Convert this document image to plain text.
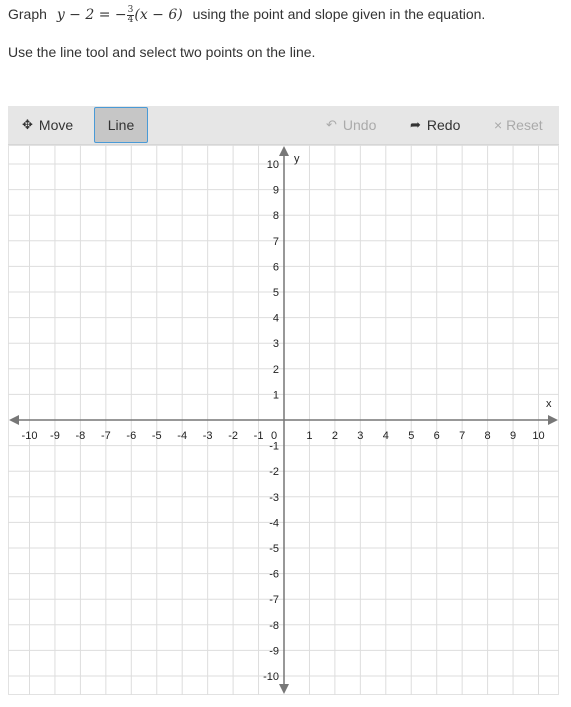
Graph y − 2 = − $\frac{3}{4} (x - 6)$ using the point and slope given in the equation.
Use the line tool and select two points on the line.
✥ Move Line	↶ Undo	➦ Redo × Reset
x
y
-10 -9 -8 -7 -6 -5 -4 -3 -2 -1 0	1 2 3 4 5 6 7 8 9 10
-10
-9
-8
-7
-6
-5
-4
-3
-2
-1
1
2
3
4
5
6
7
8
9
10
